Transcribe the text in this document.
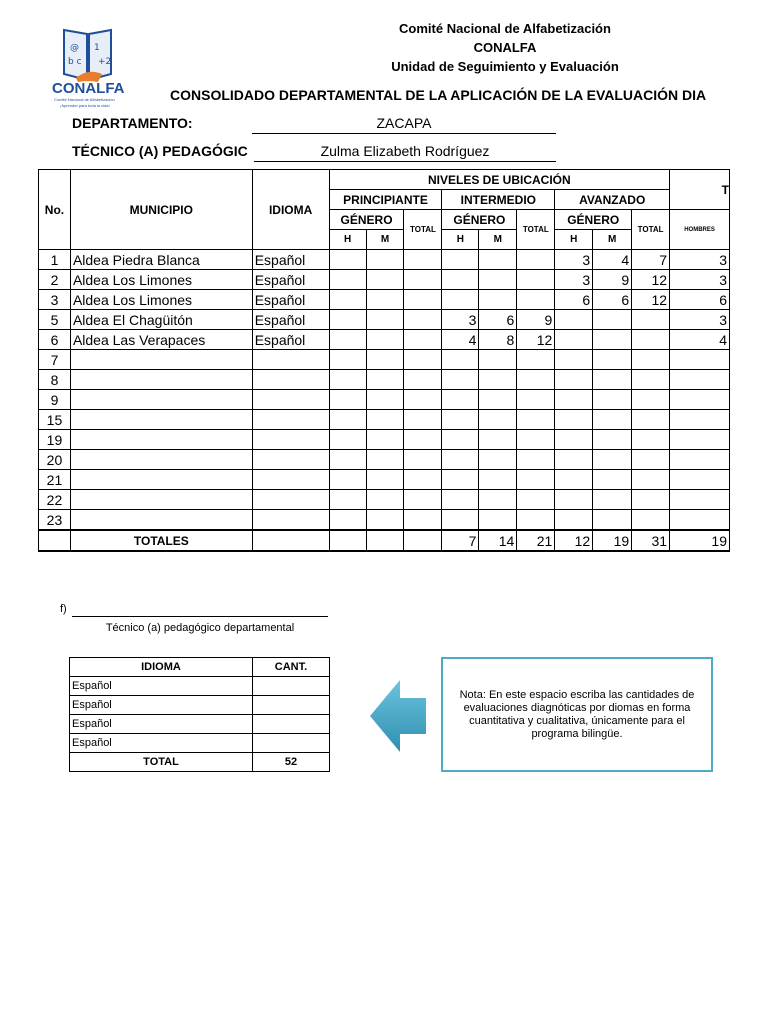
@
b c
1
+2
CONALFA
Comité Nacional de Alfabetización
¡Aprender para toda la vida!
Comité Nacional de Alfabetización
CONALFA
Unidad de Seguimiento y Evaluación
CONSOLIDADO DEPARTAMENTAL DE LA APLICACIÓN DE LA EVALUACIÓN DIA
DEPARTAMENTO:	ZACAPA
TÉCNICO (A) PEDAGÓGIC	Zulma Elizabeth Rodríguez
No.	MUNICIPIO	IDIOMA	NIVELES DE UBICACIÓN									T
			PRINCIPIANTE			INTERMEDIO			AVANZADO			
			GÉNERO		TOTAL	GÉNERO		TOTAL	GÉNERO		TOTAL	HOMBRES
			H	M		H	M		H	M		
1	Aldea Piedra Blanca	Español							3	4	7	3
2	Aldea Los Limones	Español							3	9	12	3
3	Aldea Los Limones	Español							6	6	12	6
5	Aldea El Chagüitón	Español				3	6	9				3
6	Aldea Las Verapaces	Español				4	8	12				4
7												
8												
9												
15												
19												
20												
21												
22												
23												
	TOTALES					7	14	21	12	19	31	19
f)
Técnico (a) pedagógico departamental
IDIOMA	CANT.
Español	
Español	
Español	
Español	
TOTAL	52
Nota: En este espacio escriba las cantidades de evaluaciones diagnóticas por diomas en forma cuantitativa y cualitativa, únicamente para el programa bilingüe.
